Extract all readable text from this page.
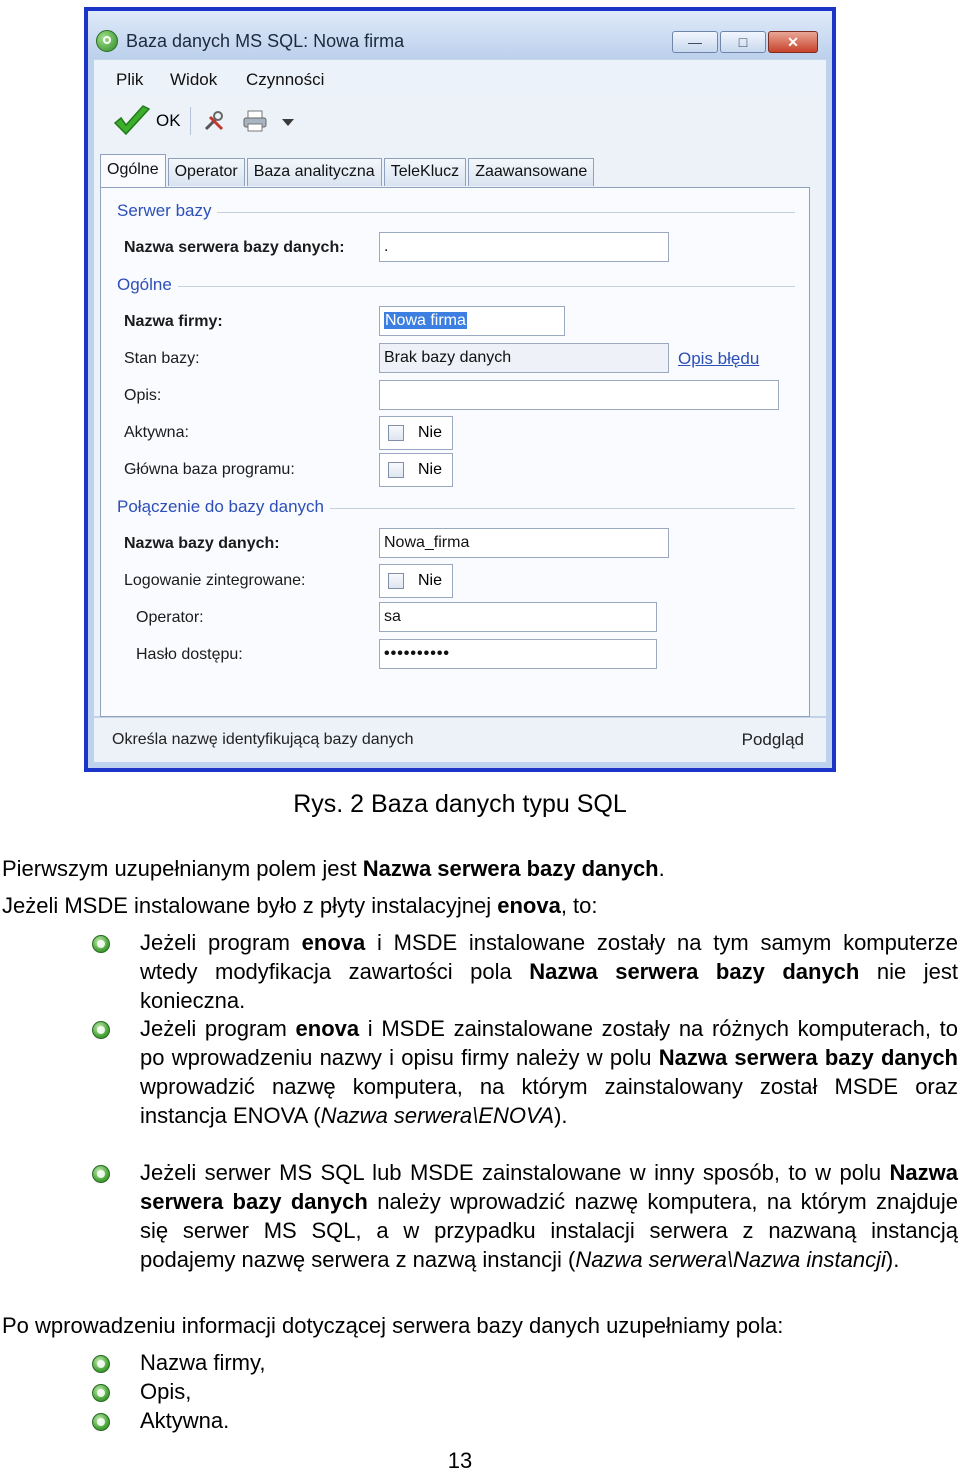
Baza danych MS SQL: Nowa firma	—	□	✕
Plik Widok Czynności
OK
Ogólne	Operator	Baza analityczna	TeleKlucz	Zaawansowane
Serwer bazy
Nazwa serwera bazy danych:	.
Ogólne
Nazwa firmy:	Nowa firma
Stan bazy:	Brak bazy danych	Opis błędu
Opis:
Aktywna:	Nie
Główna baza programu:	Nie
Połączenie do bazy danych
Nazwa bazy danych:	Nowa_firma
Logowanie zintegrowane:	Nie
Operator:	sa
Hasło dostępu:	••••••••••
Określa nazwę identyfikującą bazy danych	Podgląd
Rys. 2 Baza danych typu SQL
Pierwszym uzupełnianym polem jest Nazwa serwera bazy danych.
Jeżeli MSDE instalowane było z płyty instalacyjnej enova, to:
Jeżeli program enova i MSDE instalowane zostały na tym samym komputerze wtedy modyfikacja zawartości pola Nazwa serwera bazy danych nie jest konieczna.
Jeżeli program enova i MSDE zainstalowane zostały na różnych komputerach, to po wprowadzeniu nazwy i opisu firmy należy w polu Nazwa serwera bazy danych wprowadzić nazwę komputera, na którym zainstalowany został MSDE oraz instancja ENOVA (Nazwa serwera\ENOVA).
Jeżeli serwer MS SQL lub MSDE zainstalowane w inny sposób, to w polu Nazwa serwera bazy danych należy wprowadzić nazwę komputera, na którym znajduje się serwer MS SQL, a w przypadku instalacji serwera z nazwaną instancją podajemy nazwę serwera z nazwą instancji (Nazwa serwera\Nazwa instancji).
Po wprowadzeniu informacji dotyczącej serwera bazy danych uzupełniamy pola:
Nazwa firmy,
Opis,
Aktywna.
13
